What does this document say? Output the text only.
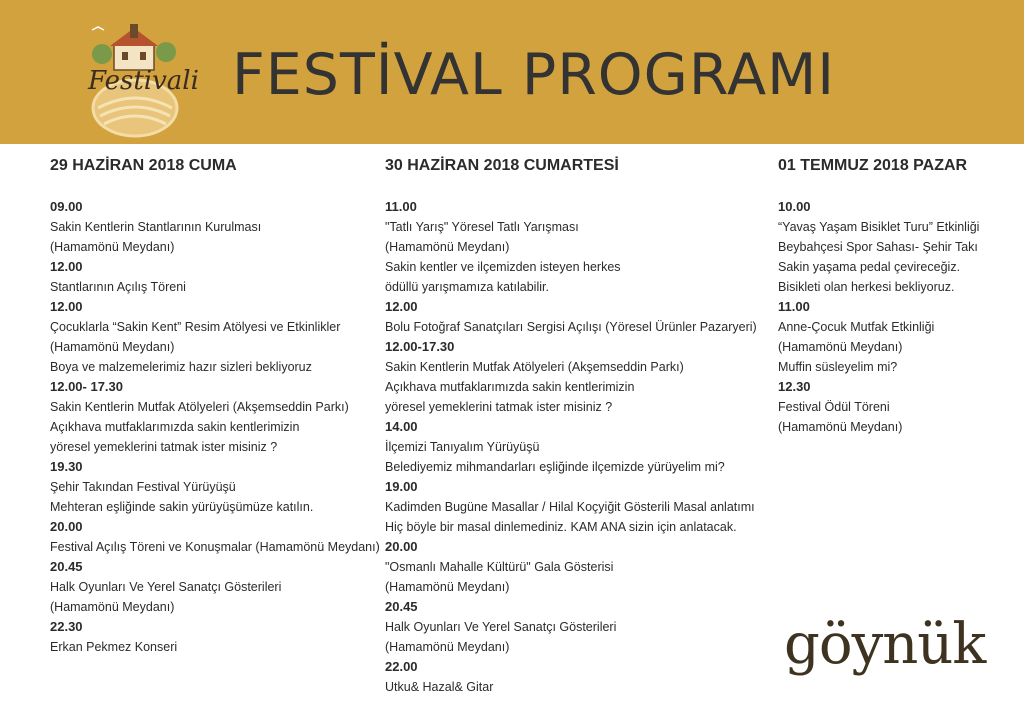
Festivali FESTİVAL PROGRAMI
29 HAZİRAN 2018 CUMA
09.00
Sakin Kentlerin Stantlarının Kurulması
(Hamamönü Meydanı)
12.00
Stantlarının Açılış Töreni
12.00
Çocuklarla “Sakin Kent” Resim Atölyesi ve Etkinlikler
(Hamamönü Meydanı)
Boya ve malzemelerimiz hazır sizleri bekliyoruz
12.00- 17.30
Sakin Kentlerin Mutfak Atölyeleri (Akşemseddin Parkı)
Açıkhava mutfaklarımızda sakin kentlerimizin
yöresel yemeklerini tatmak ister misiniz ?
19.30
Şehir Takından Festival Yürüyüşü
Mehteran eşliğinde sakin yürüyüşümüze katılın.
20.00
Festival Açılış Töreni ve Konuşmalar (Hamamönü Meydanı)
20.45
Halk Oyunları Ve Yerel Sanatçı Gösterileri
(Hamamönü Meydanı)
22.30
Erkan Pekmez Konseri
30 HAZİRAN 2018 CUMARTESİ
11.00
"Tatlı Yarış" Yöresel Tatlı Yarışması
(Hamamönü Meydanı)
Sakin kentler ve ilçemizden isteyen herkes
ödüllü yarışmamıza katılabilir.
12.00
Bolu Fotoğraf Sanatçıları Sergisi Açılışı (Yöresel Ürünler Pazaryeri)
12.00-17.30
Sakin Kentlerin Mutfak Atölyeleri (Akşemseddin Parkı)
Açıkhava mutfaklarımızda sakin kentlerimizin
yöresel yemeklerini tatmak ister misiniz ?
14.00
İlçemizi Tanıyalım Yürüyüşü
Belediyemiz mihmandarları eşliğinde ilçemizde yürüyelim mi?
19.00
Kadimden Bugüne Masallar / Hilal Koçyiğit Gösterili Masal anlatımı
Hiç böyle bir masal dinlemediniz. KAM ANA sizin için anlatacak.
20.00
"Osmanlı Mahalle Kültürü" Gala Gösterisi
(Hamamönü Meydanı)
20.45
Halk Oyunları Ve Yerel Sanatçı Gösterileri
(Hamamönü Meydanı)
22.00
Utku& Hazal& Gitar
01 TEMMUZ 2018 PAZAR
10.00
“Yavaş Yaşam Bisiklet Turu” Etkinliği
Beybahçesi Spor Sahası- Şehir Takı
Sakin yaşama pedal çevireceğiz.
Bisikleti olan herkesi bekliyoruz.
11.00
Anne-Çocuk Mutfak Etkinliği
(Hamamönü Meydanı)
Muffin süsleyelim mi?
12.30
Festival Ödül Töreni
(Hamamönü Meydanı)
göynük
